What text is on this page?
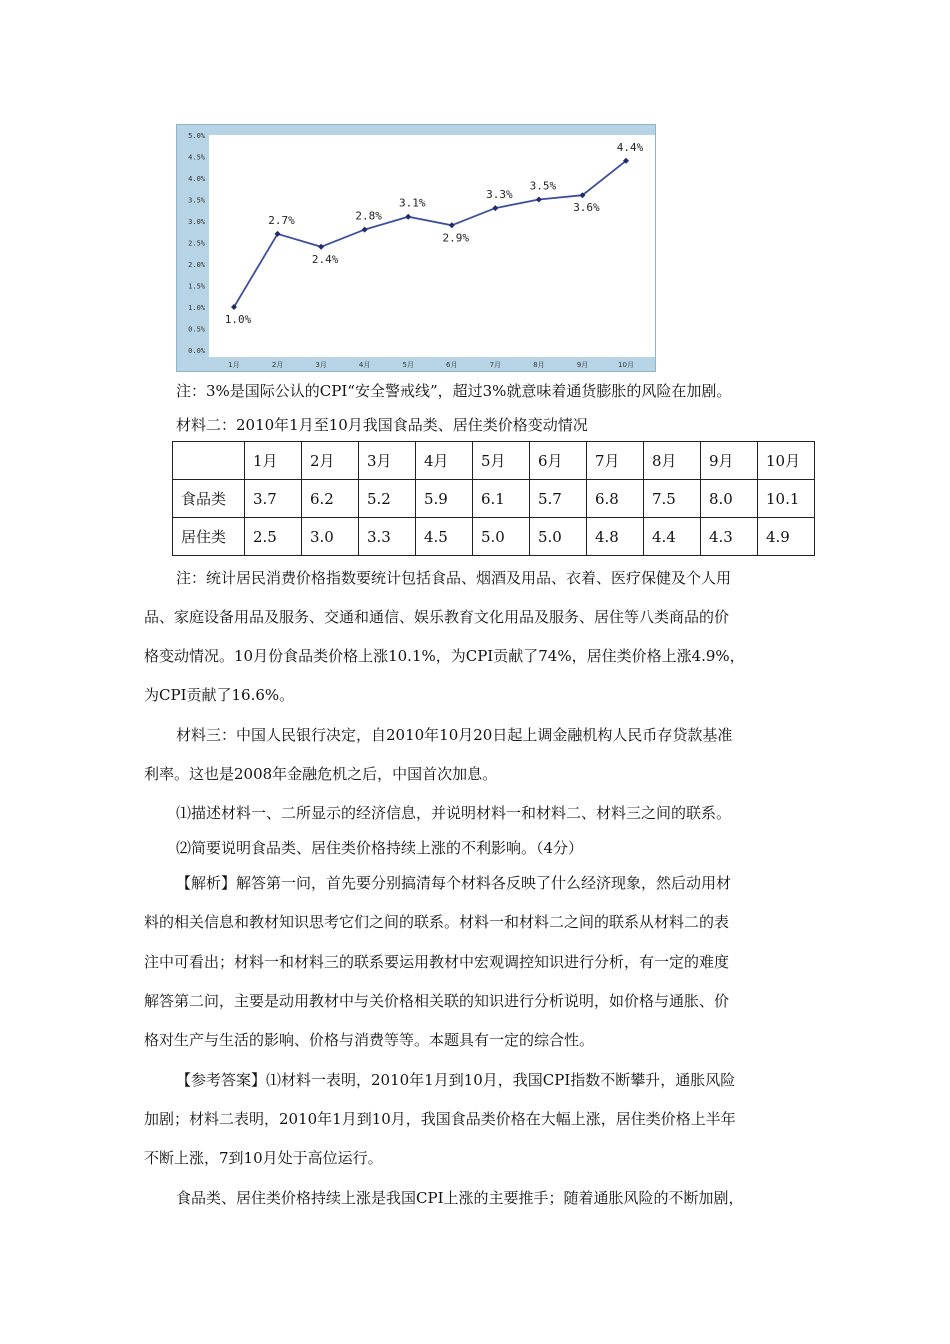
0.0%
0.5%
1.0%
1.5%
2.0%
2.5%
3.0%
3.5%
4.0%
4.5%
5.0%
1月	2月	3月	4月	5月	6月	7月	8月	9月	10月
1.0%
2.7%
2.4%
2.8%
3.1%
2.9%
3.3%
3.5%
3.6%
4.4%
注：3%是国际公认的CPI“安全警戒线”，超过3%就意味着通货膨胀的风险在加剧。
材料二：2010年1月至10月我国食品类、居住类价格变动情况
	1月	2月	3月	4月	5月	6月	7月	8月	9月	10月
食品类	3.7	6.2	5.2	5.9	6.1	5.7	6.8	7.5	8.0	10.1
居住类	2.5	3.0	3.3	4.5	5.0	5.0	4.8	4.4	4.3	4.9
注：统计居民消费价格指数要统计包括食品、烟酒及用品、衣着、医疗保健及个人用
品、家庭设备用品及服务、交通和通信、娱乐教育文化用品及服务、居住等八类商品的价
格变动情况。10月份食品类价格上涨10.1%，为CPI贡献了74%，居住类价格上涨4.9%，
为CPI贡献了16.6%。
材料三：中国人民银行决定，自2010年10月20日起上调金融机构人民币存贷款基准
利率。这也是2008年金融危机之后，中国首次加息。
⑴描述材料一、二所显示的经济信息，并说明材料一和材料二、材料三之间的联系。
⑵简要说明食品类、居住类价格持续上涨的不利影响。（4分）
【解析】解答第一问，首先要分别搞清每个材料各反映了什么经济现象，然后动用材
料的相关信息和教材知识思考它们之间的联系。材料一和材料二之间的联系从材料二的表
注中可看出；材料一和材料三的联系要运用教材中宏观调控知识进行分析，有一定的难度
解答第二问，主要是动用教材中与关价格相关联的知识进行分析说明，如价格与通胀、价
格对生产与生活的影响、价格与消费等等。本题具有一定的综合性。
【参考答案】⑴材料一表明，2010年1月到10月，我国CPI指数不断攀升，通胀风险
加剧；材料二表明，2010年1月到10月，我国食品类价格在大幅上涨，居住类价格上半年
不断上涨，7到10月处于高位运行。
食品类、居住类价格持续上涨是我国CPI上涨的主要推手；随着通胀风险的不断加剧，
